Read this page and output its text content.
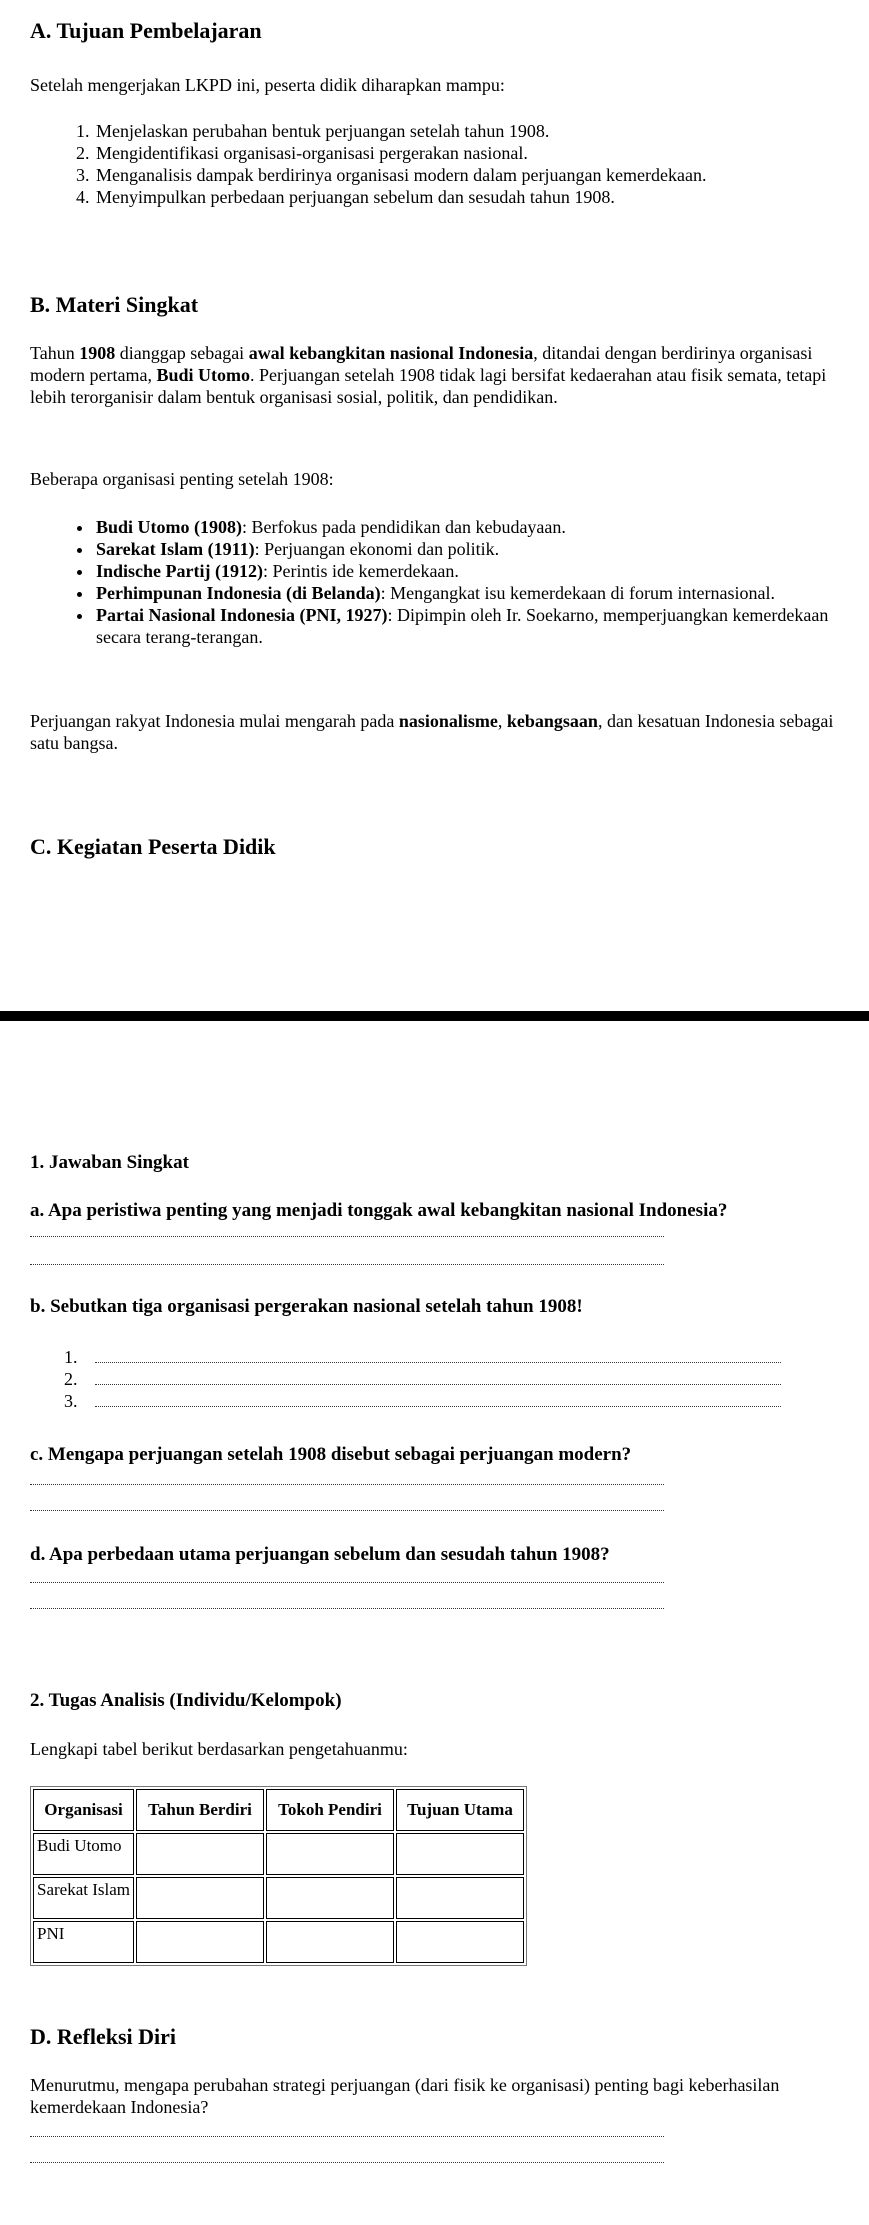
A. Tujuan Pembelajaran
Setelah mengerjakan LKPD ini, peserta didik diharapkan mampu:
1. Menjelaskan perubahan bentuk perjuangan setelah tahun 1908.
2. Mengidentifikasi organisasi-organisasi pergerakan nasional.
3. Menganalisis dampak berdirinya organisasi modern dalam perjuangan kemerdekaan.
4. Menyimpulkan perbedaan perjuangan sebelum dan sesudah tahun 1908.
B. Materi Singkat
Tahun 1908 dianggap sebagai awal kebangkitan nasional Indonesia, ditandai dengan berdirinya organisasi modern pertama, Budi Utomo. Perjuangan setelah 1908 tidak lagi bersifat kedaerahan atau fisik semata, tetapi lebih terorganisir dalam bentuk organisasi sosial, politik, dan pendidikan.
Beberapa organisasi penting setelah 1908:
• Budi Utomo (1908): Berfokus pada pendidikan dan kebudayaan.
• Sarekat Islam (1911): Perjuangan ekonomi dan politik.
• Indische Partij (1912): Perintis ide kemerdekaan.
• Perhimpunan Indonesia (di Belanda): Mengangkat isu kemerdekaan di forum internasional.
• Partai Nasional Indonesia (PNI, 1927): Dipimpin oleh Ir. Soekarno, memperjuangkan kemerdekaan secara terang-terangan.
Perjuangan rakyat Indonesia mulai mengarah pada nasionalisme, kebangsaan, dan kesatuan Indonesia sebagai satu bangsa.
C. Kegiatan Peserta Didik
1. Jawaban Singkat
a. Apa peristiwa penting yang menjadi tonggak awal kebangkitan nasional Indonesia?
b. Sebutkan tiga organisasi pergerakan nasional setelah tahun 1908!
1.
2.
3.
c. Mengapa perjuangan setelah 1908 disebut sebagai perjuangan modern?
d. Apa perbedaan utama perjuangan sebelum dan sesudah tahun 1908?
2. Tugas Analisis (Individu/Kelompok)
Lengkapi tabel berikut berdasarkan pengetahuanmu:
Organisasi	Tahun Berdiri	Tokoh Pendiri	Tujuan Utama
Budi Utomo			
Sarekat Islam			
PNI			
D. Refleksi Diri
Menurutmu, mengapa perubahan strategi perjuangan (dari fisik ke organisasi) penting bagi keberhasilan kemerdekaan Indonesia?
